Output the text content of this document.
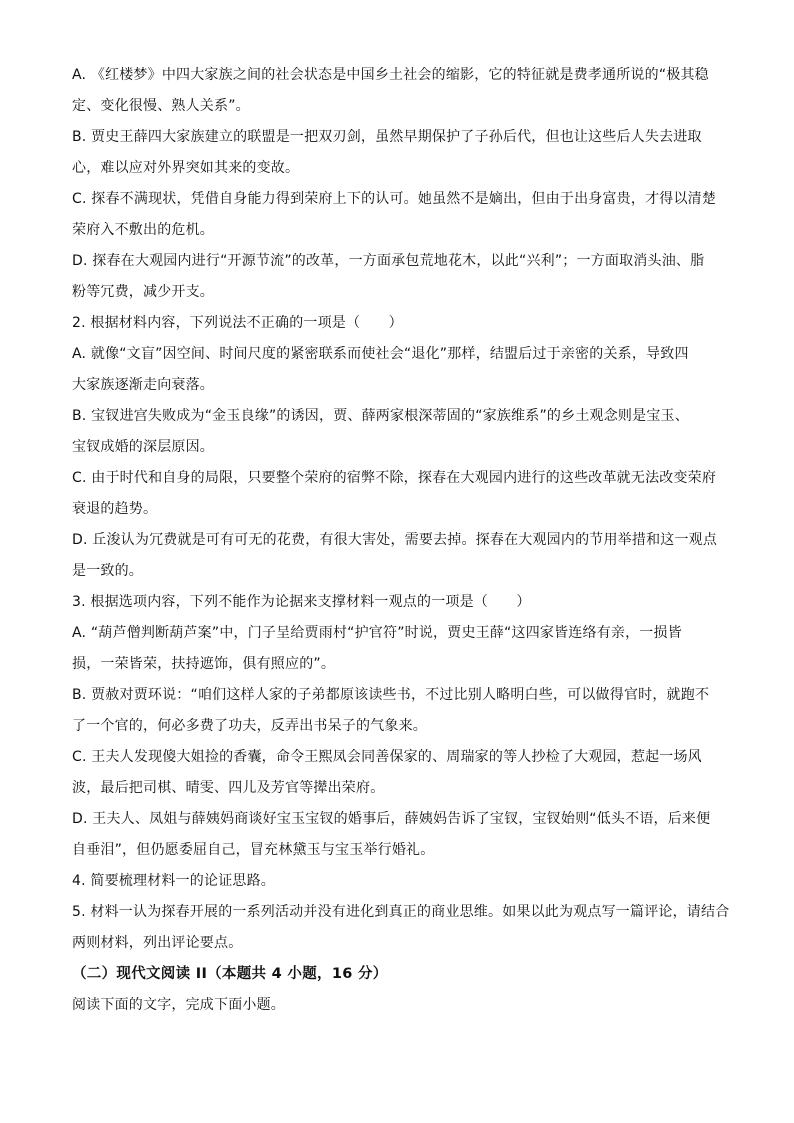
A. 《红楼梦》中四大家族之间的社会状态是中国乡土社会的缩影，它的特征就是费孝通所说的“极其稳
定、变化很慢、熟人关系”。
B. 贾史王薛四大家族建立的联盟是一把双刃剑，虽然早期保护了子孙后代，但也让这些后人失去进取
心，难以应对外界突如其来的变故。
C. 探春不满现状，凭借自身能力得到荣府上下的认可。她虽然不是嫡出，但由于出身富贵，才得以清楚
荣府入不敷出的危机。
D. 探春在大观园内进行“开源节流”的改革，一方面承包荒地花木，以此“兴利”；一方面取消头油、脂
粉等冗费，减少开支。
2. 根据材料内容，下列说法不正确的一项是（　　）
A. 就像“文盲”因空间、时间尺度的紧密联系而使社会“退化”那样，结盟后过于亲密的关系，导致四
大家族逐渐走向衰落。
B. 宝钗进宫失败成为“金玉良缘”的诱因，贾、薛两家根深蒂固的“家族维系”的乡土观念则是宝玉、
宝钗成婚的深层原因。
C. 由于时代和自身的局限，只要整个荣府的宿弊不除，探春在大观园内进行的这些改革就无法改变荣府
衰退的趋势。
D. 丘浚认为冗费就是可有可无的花费，有很大害处，需要去掉。探春在大观园内的节用举措和这一观点
是一致的。
3. 根据选项内容，下列不能作为论据来支撑材料一观点的一项是（　　）
A. “葫芦僧判断葫芦案”中，门子呈给贾雨村“护官符”时说，贾史王薛“这四家皆连络有亲，一损皆
损，一荣皆荣，扶持遮饰，俱有照应的”。
B. 贾赦对贾环说：“咱们这样人家的子弟都原该读些书，不过比别人略明白些，可以做得官时，就跑不
了一个官的，何必多费了功夫，反弄出书呆子的气象来。
C. 王夫人发现傻大姐捡的香囊，命令王熙凤会同善保家的、周瑞家的等人抄检了大观园，惹起一场风
波，最后把司棋、晴雯、四儿及芳官等撵出荣府。
D. 王夫人、凤姐与薛姨妈商谈好宝玉宝钗的婚事后，薛姨妈告诉了宝钗，宝钗始则“低头不语，后来便
自垂泪”，但仍愿委屈自己，冒充林黛玉与宝玉举行婚礼。
4. 简要梳理材料一的论证思路。
5. 材料一认为探春开展的一系列活动并没有进化到真正的商业思维。如果以此为观点写一篇评论，请结合
两则材料，列出评论要点。
（二）现代文阅读 II（本题共 4 小题，16 分）
阅读下面的文字，完成下面小题。
